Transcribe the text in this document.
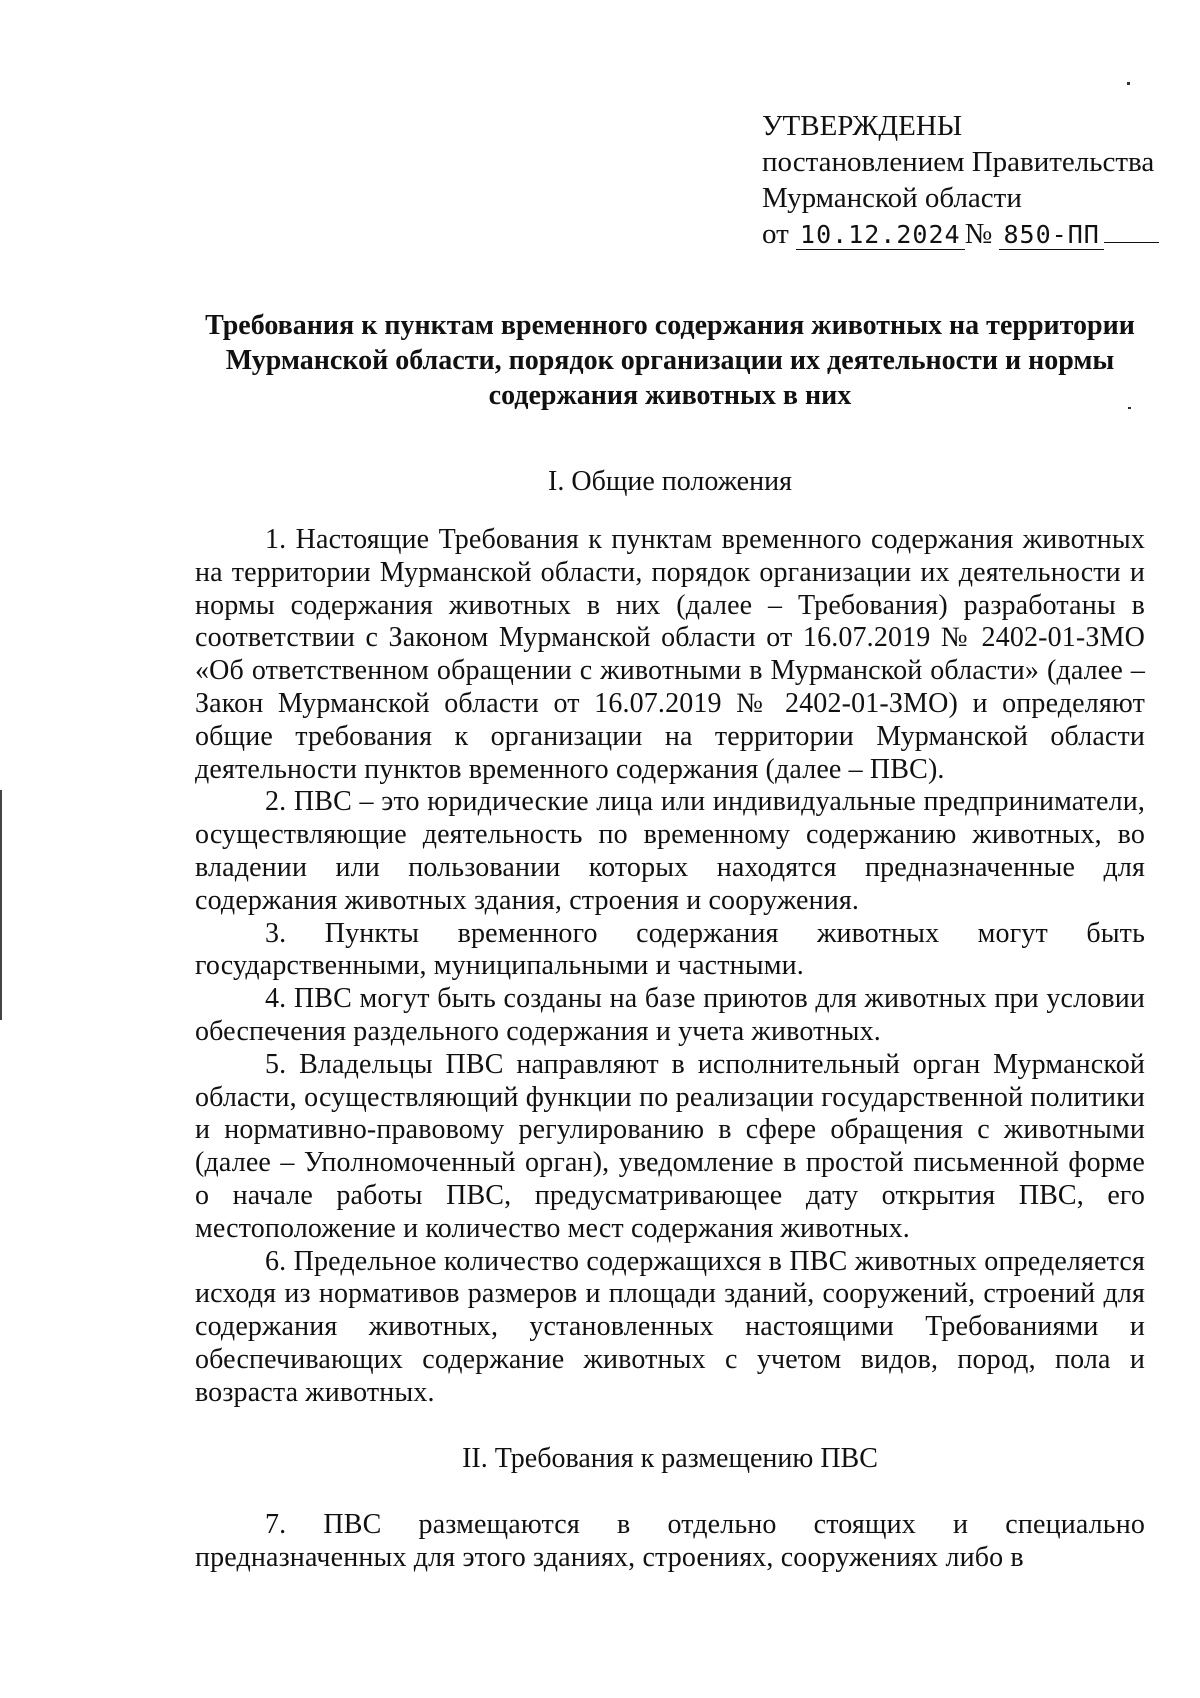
УТВЕРЖДЕНЫ
постановлением Правительства
Мурманской области
от 10.12.2024 № 850-ПП
Требования к пунктам временного содержания животных на территории
Мурманской области, порядок организации их деятельности и нормы
содержания животных в них
I. Общие положения

1. Настоящие Требования к пунктам временного содержания животных на территории Мурманской области, порядок организации их деятельности и нормы содержания животных в них (далее – Требования) разработаны в соответствии с Законом Мурманской области от 16.07.2019 № 2402-01-ЗМО «Об ответственном обращении с животными в Мурманской области» (далее – Закон Мурманской области от 16.07.2019 № 2402-01-ЗМО) и определяют общие требования к организации на территории Мурманской области деятельности пунктов временного содержания (далее – ПВС).

2. ПВС – это юридические лица или индивидуальные предприниматели, осуществляющие деятельность по временному содержанию животных, во владении или пользовании которых находятся предназначенные для содержания животных здания, строения и сооружения.

3. Пункты временного содержания животных могут быть государственными, муниципальными и частными.

4. ПВС могут быть созданы на базе приютов для животных при условии обеспечения раздельного содержания и учета животных.

5. Владельцы ПВС направляют в исполнительный орган Мурманской области, осуществляющий функции по реализации государственной политики и нормативно-правовому регулированию в сфере обращения с животными (далее – Уполномоченный орган), уведомление в простой письменной форме о начале работы ПВС, предусматривающее дату открытия ПВС, его местоположение и количество мест содержания животных.

6. Предельное количество содержащихся в ПВС животных определяется исходя из нормативов размеров и площади зданий, сооружений, строений для содержания животных, установленных настоящими Требованиями и обеспечивающих содержание животных с учетом видов, пород, пола и возраста животных.

II. Требования к размещению ПВС

7. ПВС размещаются в отдельно стоящих и специально предназначенных для этого зданиях, строениях, сооружениях либо в
